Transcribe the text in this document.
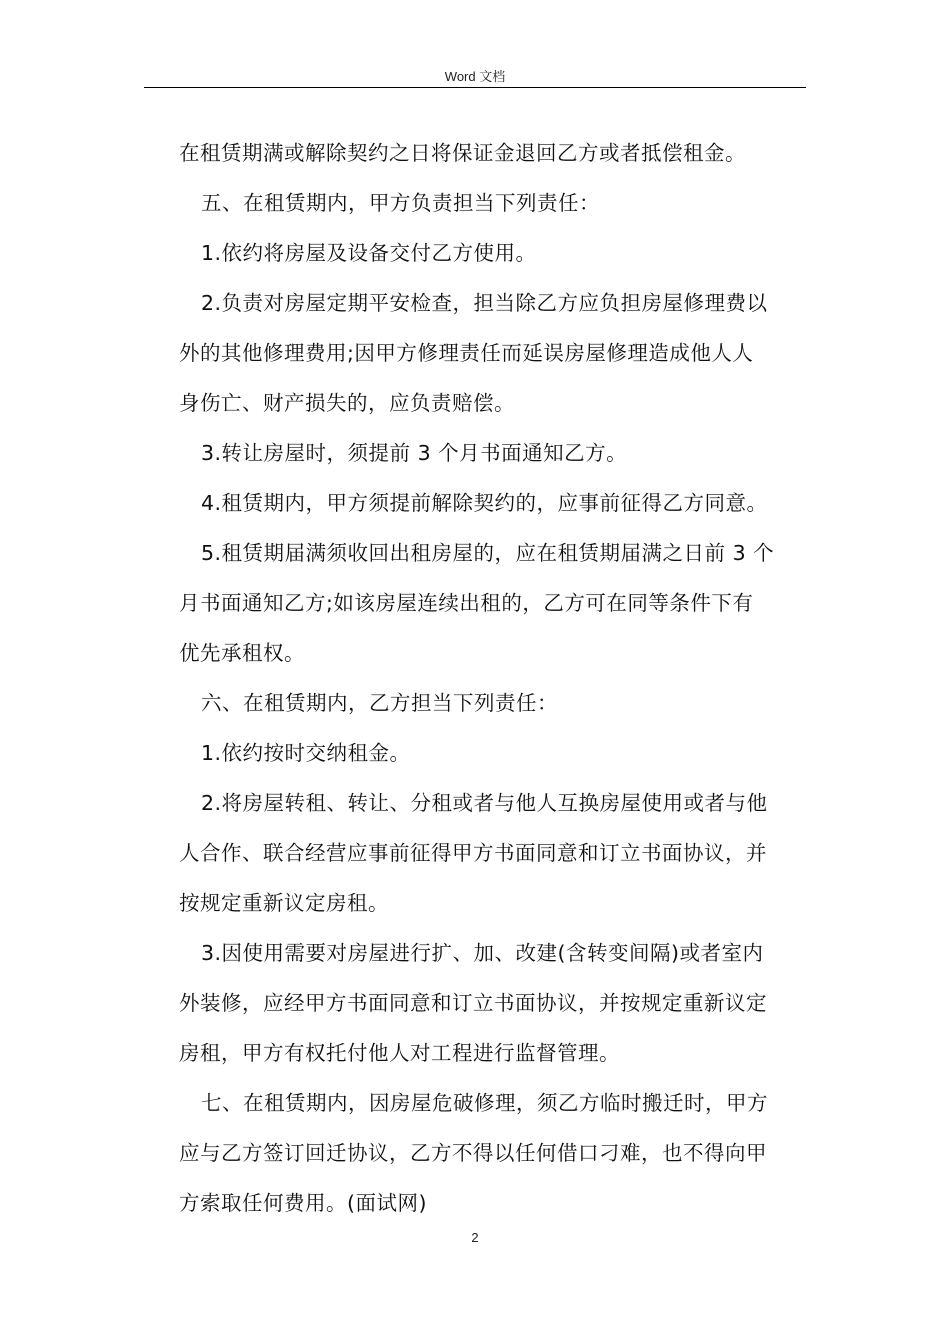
Word 文档

在租赁期满或解除契约之日将保证金退回乙方或者抵偿租金。

五、在租赁期内，甲方负责担当下列责任：

1.依约将房屋及设备交付乙方使用。

2.负责对房屋定期平安检查，担当除乙方应负担房屋修理费以

外的其他修理费用;因甲方修理责任而延误房屋修理造成他人人

身伤亡、财产损失的，应负责赔偿。

3.转让房屋时，须提前 3 个月书面通知乙方。

4.租赁期内，甲方须提前解除契约的，应事前征得乙方同意。

5.租赁期届满须收回出租房屋的，应在租赁期届满之日前 3 个

月书面通知乙方;如该房屋连续出租的，乙方可在同等条件下有

优先承租权。

六、在租赁期内，乙方担当下列责任：

1.依约按时交纳租金。

2.将房屋转租、转让、分租或者与他人互换房屋使用或者与他

人合作、联合经营应事前征得甲方书面同意和订立书面协议，并

按规定重新议定房租。

3.因使用需要对房屋进行扩、加、改建(含转变间隔)或者室内

外装修，应经甲方书面同意和订立书面协议，并按规定重新议定

房租，甲方有权托付他人对工程进行监督管理。

七、在租赁期内，因房屋危破修理，须乙方临时搬迁时，甲方

应与乙方签订回迁协议，乙方不得以任何借口刁难，也不得向甲

方索取任何费用。(面试网)

2
